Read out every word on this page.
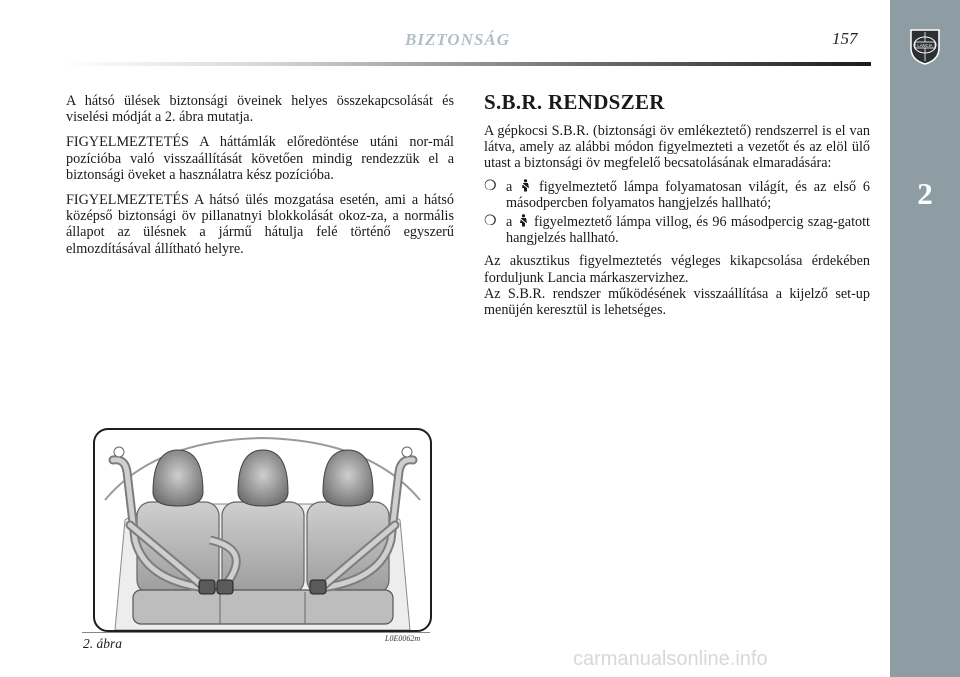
LANCIA
2
BIZTONSÁG	157

A hátsó ülések biztonsági öveinek helyes összekapcsolását és viselési módját a 2. ábra mutatja.

FIGYELMEZTETÉS A háttámlák előredöntése utáni nor-mál pozícióba való visszaállítását követően mindig rendezzük el a biztonsági öveket a használatra kész pozícióba.

FIGYELMEZTETÉS A hátsó ülés mozgatása esetén, ami a hátsó középső biztonsági öv pillanatnyi blokkolását okoz-za, a normális állapot az ülésnek a jármű hátulja felé történő egyszerű elmozdításával állítható helyre.

S.B.R. RENDSZER

A gépkocsi S.B.R. (biztonsági öv emlékeztető) rendszerrel is el van látva, amely az alábbi módon figyelmezteti a vezetőt és az elöl ülő utast a biztonsági öv megfelelő becsatolásának elmaradására:

❍ a figyelmeztető lámpa folyamatosan világít, és az első 6 másodpercben folyamatos hangjelzés hallható;
❍ a figyelmeztető lámpa villog, és 96 másodpercig szag-gatott hangjelzés hallható.

Az akusztikus figyelmeztetés végleges kikapcsolása érdekében forduljunk Lancia márkaszervizhez.

Az S.B.R. rendszer működésének visszaállítása a kijelző set-up menüjén keresztül is lehetséges.

2. ábra	L0E0062m
carmanualsonline.info
